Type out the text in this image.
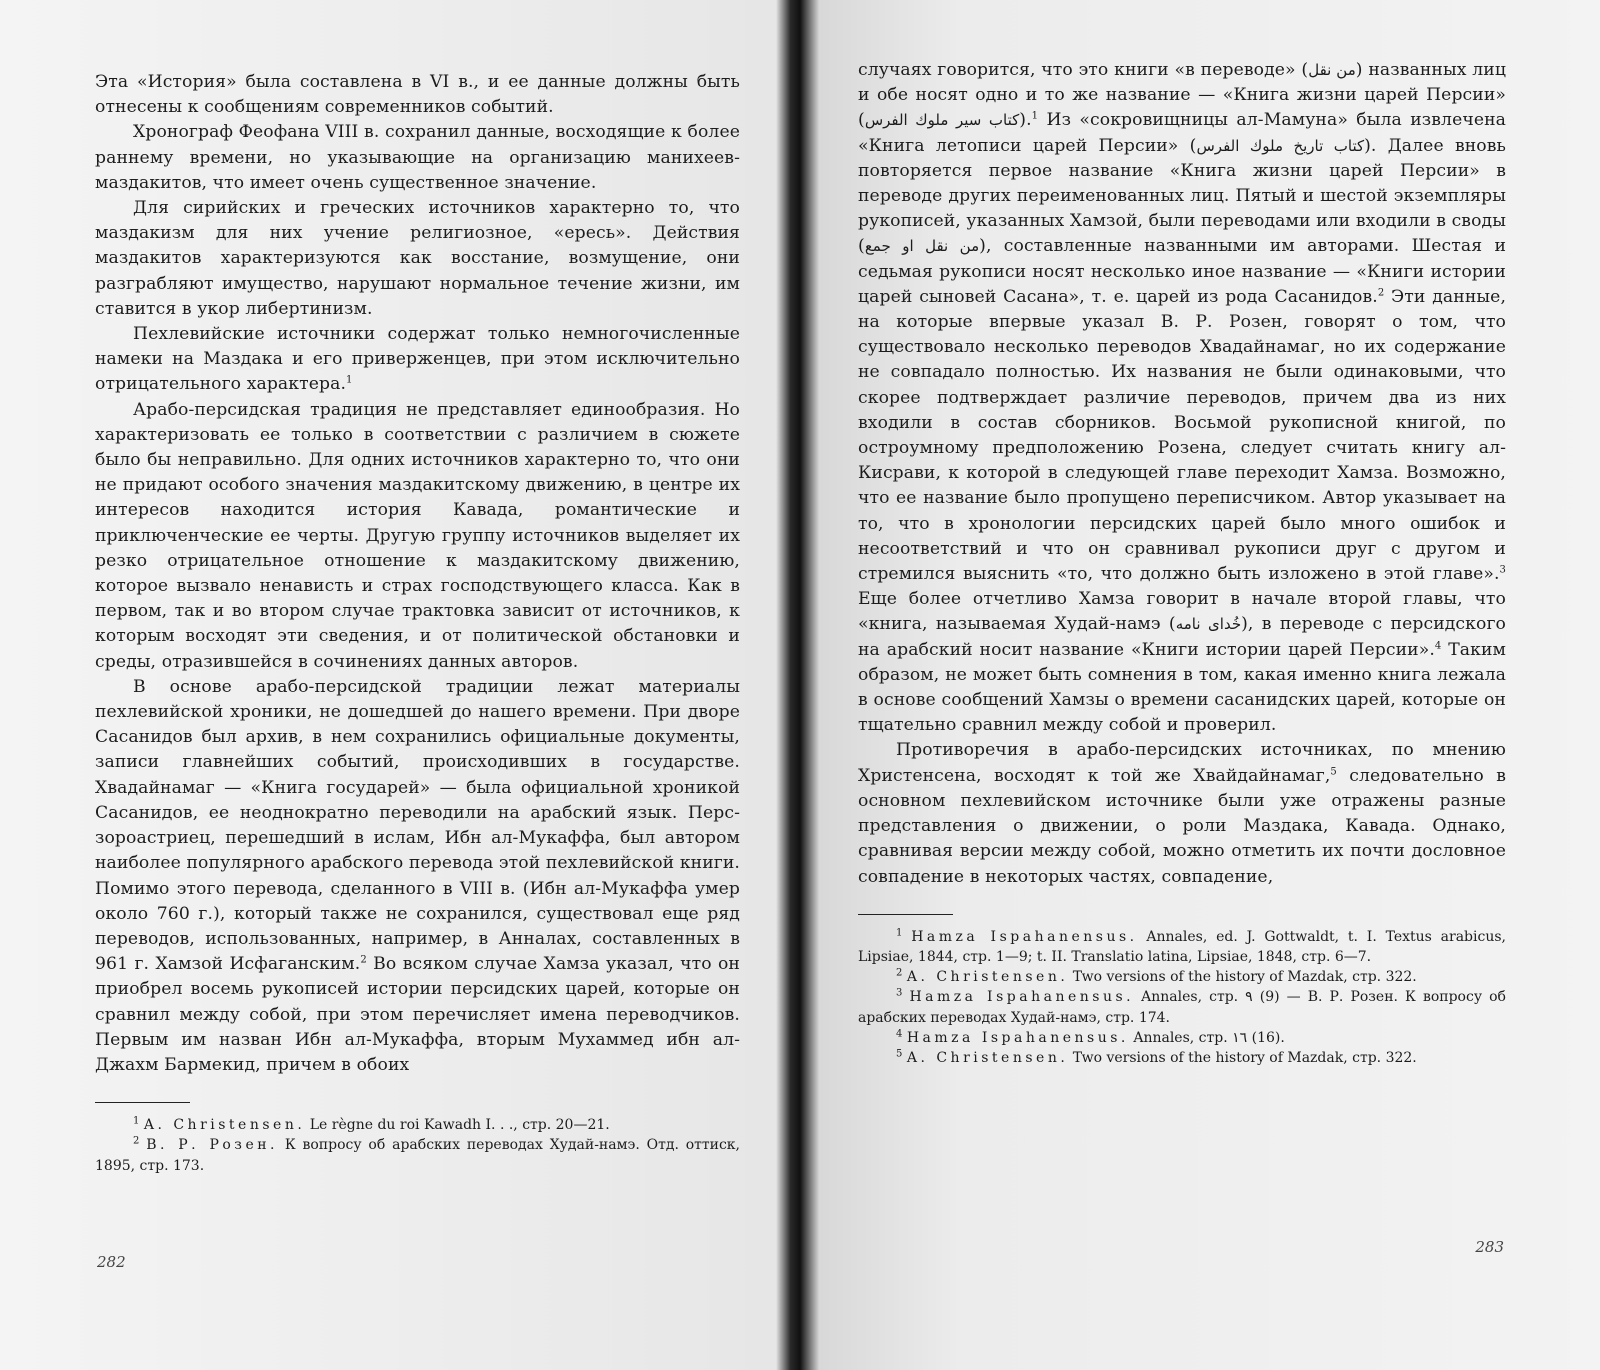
Эта «История» была составлена в VI в., и ее данные должны быть отнесены к сообщениям современников событий.

Хронограф Феофана VIII в. сохранил данные, восходящие к более раннему времени, но указывающие на организацию манихеев-маздакитов, что имеет очень существенное значение.

Для сирийских и греческих источников характерно то, что маздакизм для них учение религиозное, «ересь». Действия маздакитов характеризуются как восстание, возмущение, они разграбляют имущество, нарушают нормальное течение жизни, им ставится в укор либертинизм.

Пехлевийские источники содержат только немногочисленные намеки на Маздака и его приверженцев, при этом исключительно отрицательного характера.$^1$

Арабо-персидская традиция не представляет единообразия. Но характеризовать ее только в соответствии с различием в сюжете было бы неправильно. Для одних источников характерно то, что они не придают особого значения маздакитскому движению, в центре их интересов находится история Кавада, романтические и приключенческие ее черты. Другую группу источников выделяет их резко отрицательное отношение к маздакитскому движению, которое вызвало ненависть и страх господствующего класса. Как в первом, так и во втором случае трактовка зависит от источников, к которым восходят эти сведения, и от политической обстановки и среды, отразившейся в сочинениях данных авторов.

В основе арабо-персидской традиции лежат материалы пехлевийской хроники, не дошедшей до нашего времени. При дворе Сасанидов был архив, в нем сохранились официальные документы, записи главнейших событий, происходивших в государстве. Хвадайнамаг — «Книга государей» — была официальной хроникой Сасанидов, ее неоднократно переводили на арабский язык. Перс-зороастриец, перешедший в ислам, Ибн ал-Мукаффа, был автором наиболее популярного арабского перевода этой пехлевийской книги. Помимо этого перевода, сделанного в VIII в. (Ибн ал-Мукаффа умер около 760 г.), который также не сохранился, существовал еще ряд переводов, использованных, например, в Анналах, составленных в 961 г. Хамзой Исфаганским.$^2$ Во всяком случае Хамза указал, что он приобрел восемь рукописей истории персидских царей, которые он сравнил между собой, при этом перечисляет имена переводчиков. Первым им назван Ибн ал-Мукаффа, вторым Мухаммед ибн ал-Джахм Бармекид, причем в обоих

$^1$ A. Christensen. Le règne du roi Kawadh I. . ., стр. 20—21.

$^2$ В. Р. Розен. К вопросу об арабских переводах Худай-намэ. Отд. оттиск, 1895, стр. 173.

282

случаях говорится, что это книги «в переводе» (من نقل) названных лиц и обе носят одно и то же название — «Книга жизни царей Персии» (كتاب سير ملوك الفرس).$^1$ Из «сокровищницы ал-Мамуна» была извлечена «Книга летописи царей Персии» (كتاب تاريخ ملوك الفرس). Далее вновь повторяется первое название «Книга жизни царей Персии» в переводе других переименованных лиц. Пятый и шестой экземпляры рукописей, указанных Хамзой, были переводами или входили в своды (من نقل او جمع), составленные названными им авторами. Шестая и седьмая рукописи носят несколько иное название — «Книги истории царей сыновей Сасана», т. е. царей из рода Сасанидов.$^2$ Эти данные, на которые впервые указал В. Р. Розен, говорят о том, что существовало несколько переводов Хвадайнамаг, но их содержание не совпадало полностью. Их названия не были одинаковыми, что скорее подтверждает различие переводов, причем два из них входили в состав сборников. Восьмой рукописной книгой, по остроумному предположению Розена, следует считать книгу ал-Кисрави, к которой в следующей главе переходит Хамза. Возможно, что ее название было пропущено переписчиком. Автор указывает на то, что в хронологии персидских царей было много ошибок и несоответствий и что он сравнивал рукописи друг с другом и стремился выяснить «то, что должно быть изложено в этой главе».$^3$ Еще более отчетливо Хамза говорит в начале второй главы, что «книга, называемая Худай-намэ (خُداى نامه), в переводе с персидского на арабский носит название «Книги истории царей Персии».$^4$ Таким образом, не может быть сомнения в том, какая именно книга лежала в основе сообщений Хамзы о времени сасанидских царей, которые он тщательно сравнил между собой и проверил.

Противоречия в арабо-персидских источниках, по мнению Христенсена, восходят к той же Хвайдайнамаг,$^5$ следовательно в основном пехлевийском источнике были уже отражены разные представления о движении, о роли Маздака, Кавада. Однако, сравнивая версии между собой, можно отметить их почти дословное совпадение в некоторых частях, совпадение,

$^1$ Hamza Ispahanensus. Annales, ed. J. Gottwaldt, t. I. Textus arabicus, Lipsiae, 1844, стр. 1—9; t. II. Translatio latina, Lipsiae, 1848, стр. 6—7.

$^2$ A. Christensen. Two versions of the history of Mazdak, стр. 322.

$^3$ Hamza Ispahanensus. Annales, стр. ٩ (9) — В. Р. Розен. К вопросу об арабских переводах Худай-намэ, стр. 174.

$^4$ Hamza Ispahanensus. Annales, стр. ١٦ (16).

$^5$ A. Christensen. Two versions of the history of Mazdak, стр. 322.

283
